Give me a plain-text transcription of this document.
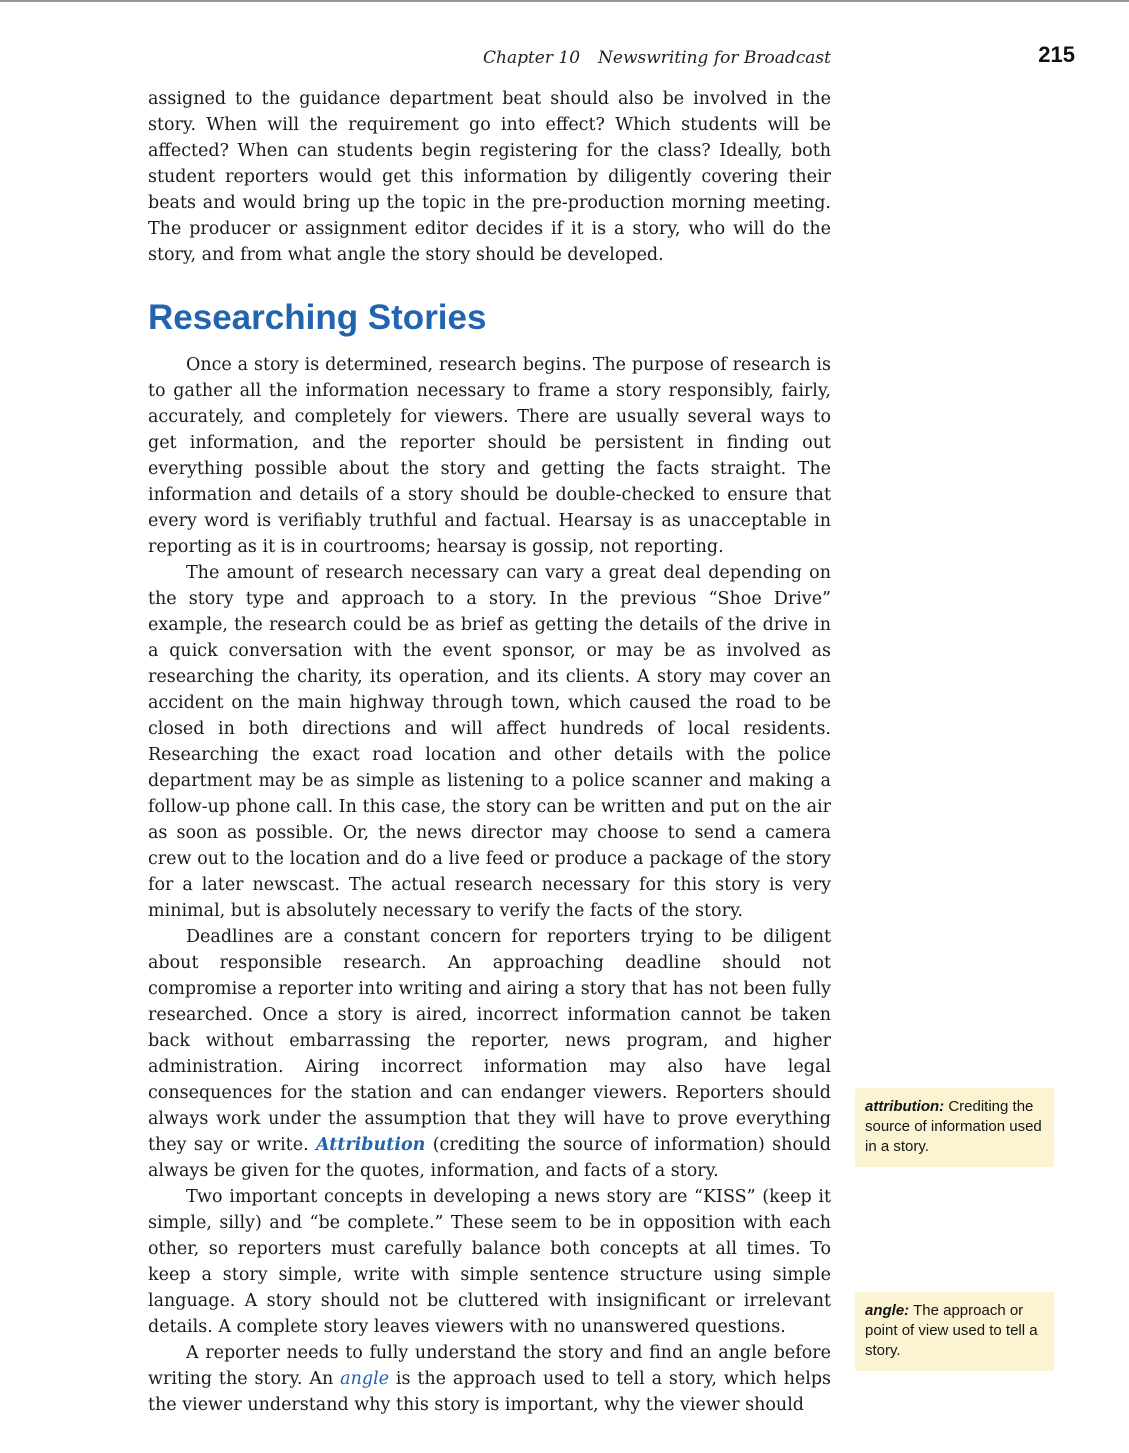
Chapter 10 Newswriting for Broadcast	215

assigned to the guidance department beat should also be involved in the story. When will the requirement go into effect? Which students will be affected? When can students begin registering for the class? Ideally, both student reporters would get this information by diligently covering their beats and would bring up the topic in the pre-production morning meeting. The producer or assignment editor decides if it is a story, who will do the story, and from what angle the story should be developed.

Researching Stories

Once a story is determined, research begins. The purpose of research is to gather all the information necessary to frame a story responsibly, fairly, accurately, and completely for viewers. There are usually several ways to get information, and the reporter should be persistent in finding out everything possible about the story and getting the facts straight. The information and details of a story should be double-checked to ensure that every word is verifiably truthful and factual. Hearsay is as unacceptable in reporting as it is in courtrooms; hearsay is gossip, not reporting.

The amount of research necessary can vary a great deal depending on the story type and approach to a story. In the previous “Shoe Drive” example, the research could be as brief as getting the details of the drive in a quick conversation with the event sponsor, or may be as involved as researching the charity, its operation, and its clients. A story may cover an accident on the main highway through town, which caused the road to be closed in both directions and will affect hundreds of local residents. Researching the exact road location and other details with the police department may be as simple as listening to a police scanner and making a follow-up phone call. In this case, the story can be written and put on the air as soon as possible. Or, the news director may choose to send a camera crew out to the location and do a live feed or produce a package of the story for a later newscast. The actual research necessary for this story is very minimal, but is absolutely necessary to verify the facts of the story.

Deadlines are a constant concern for reporters trying to be diligent about responsible research. An approaching deadline should not compromise a reporter into writing and airing a story that has not been fully researched. Once a story is aired, incorrect information cannot be taken back without embarrassing the reporter, news program, and higher administration. Airing incorrect information may also have legal consequences for the station and can endanger viewers. Reporters should always work under the assumption that they will have to prove everything they say or write. Attribution (crediting the source of information) should always be given for the quotes, information, and facts of a story.

Two important concepts in developing a news story are “KISS” (keep it simple, silly) and “be complete.” These seem to be in opposition with each other, so reporters must carefully balance both concepts at all times. To keep a story simple, write with simple sentence structure using simple language. A story should not be cluttered with insignificant or irrelevant details. A complete story leaves viewers with no unanswered questions.

A reporter needs to fully understand the story and find an angle before writing the story. An angle is the approach used to tell a story, which helps the viewer understand why this story is important, why the viewer should

attribution: Crediting the source of information used in a story.
angle: The approach or point of view used to tell a story.
